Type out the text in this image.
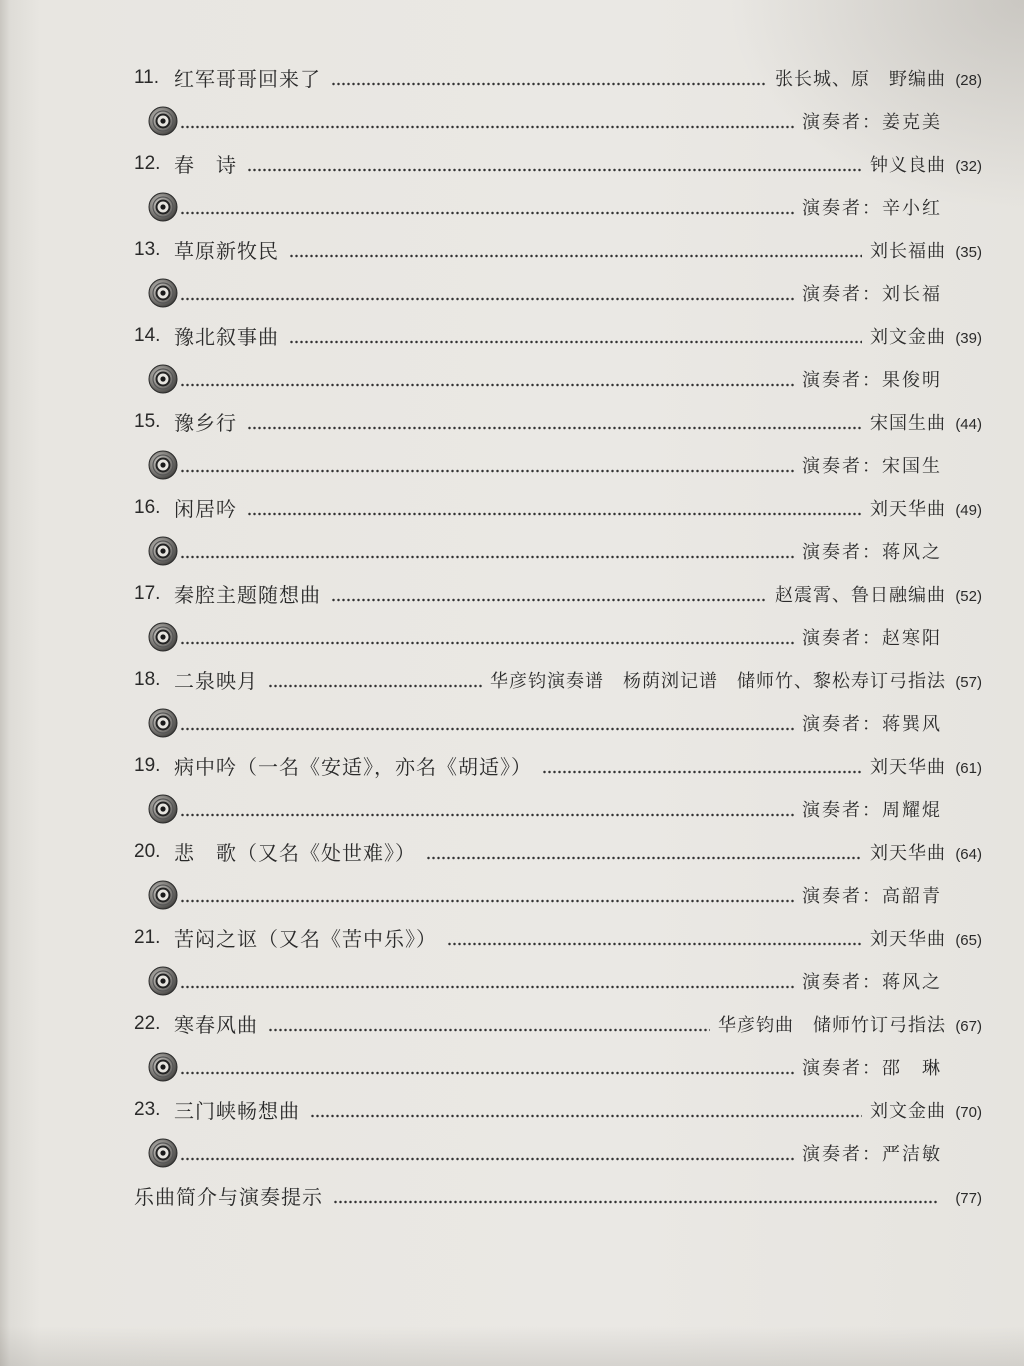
11. 红军哥哥回来了	张长城、原　野编曲 (28)
演奏者：姜克美
12. 春　诗	钟义良曲 (32)
演奏者：辛小红
13. 草原新牧民	刘长福曲 (35)
演奏者：刘长福
14. 豫北叙事曲	刘文金曲 (39)
演奏者：果俊明
15. 豫乡行	宋国生曲 (44)
演奏者：宋国生
16. 闲居吟	刘天华曲 (49)
演奏者：蒋风之
17. 秦腔主题随想曲	赵震霄、鲁日融编曲 (52)
演奏者：赵寒阳
18. 二泉映月	华彦钧演奏谱　杨荫浏记谱　储师竹、黎松寿订弓指法 (57)
演奏者：蒋巽风
19. 病中吟（一名《安适》，亦名《胡适》）	刘天华曲 (61)
演奏者：周耀焜
20. 悲　歌（又名《处世难》）	刘天华曲 (64)
演奏者：高韶青
21. 苦闷之讴（又名《苦中乐》）	刘天华曲 (65)
演奏者：蒋风之
22. 寒春风曲	华彦钧曲　储师竹订弓指法 (67)
演奏者：邵　琳
23. 三门峡畅想曲	刘文金曲 (70)
演奏者：严洁敏
乐曲简介与演奏提示	(77)
